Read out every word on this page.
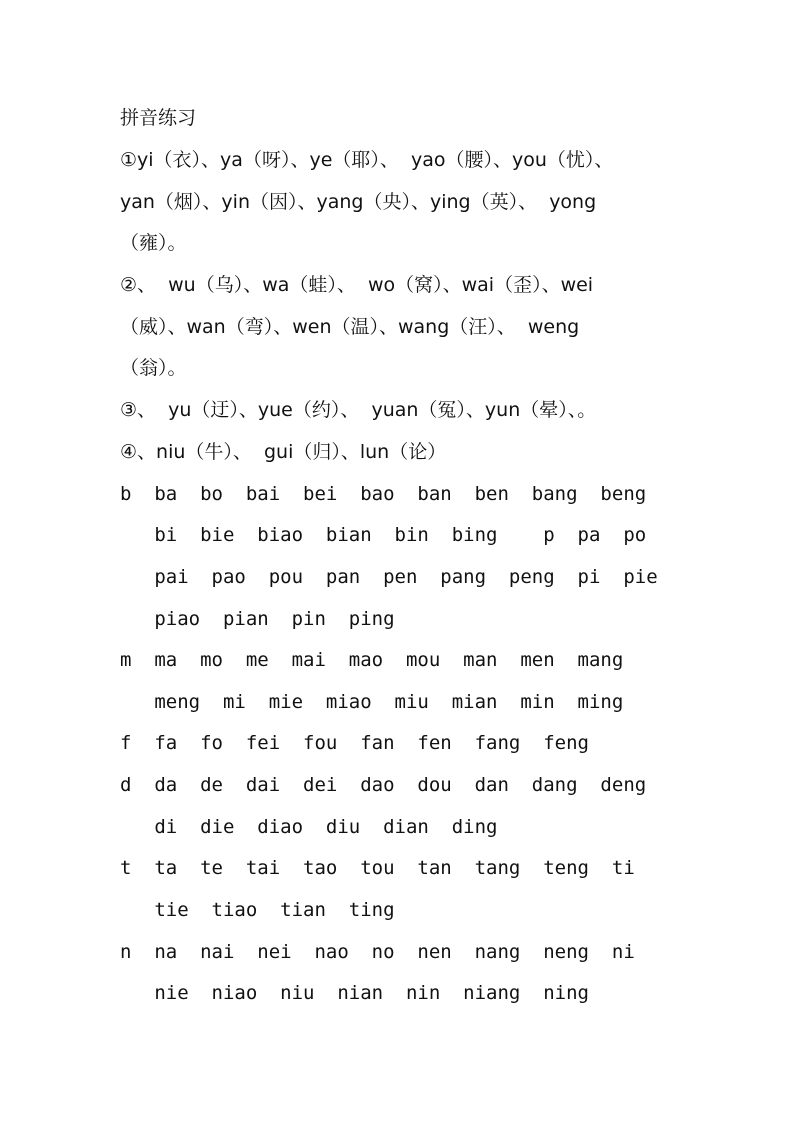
拼音练习
①yi（衣）、ya（呀）、ye（耶）、  yao（腰）、you（忧）、
yan（烟）、yin（因）、yang（央）、ying（英）、  yong
（雍）。
②、  wu（乌）、wa（蛙）、  wo（窝）、wai（歪）、wei
（威）、wan（弯）、wen（温）、wang（汪）、  weng
（翁）。
③、  yu（迂）、yue（约）、  yuan（冤）、yun（晕）、。
④、niu（牛）、  gui（归）、lun（论）
b  ba  bo  bai  bei  bao  ban  ben  bang  beng
bi  bie  biao  bian  bin  bing    p  pa  po
pai  pao  pou  pan  pen  pang  peng  pi  pie
piao  pian  pin  ping
m  ma  mo  me  mai  mao  mou  man  men  mang
meng  mi  mie  miao  miu  mian  min  ming
f  fa  fo  fei  fou  fan  fen  fang  feng
d  da  de  dai  dei  dao  dou  dan  dang  deng
di  die  diao  diu  dian  ding
t  ta  te  tai  tao  tou  tan  tang  teng  ti
tie  tiao  tian  ting
n  na  nai  nei  nao  no  nen  nang  neng  ni
nie  niao  niu  nian  nin  niang  ning
